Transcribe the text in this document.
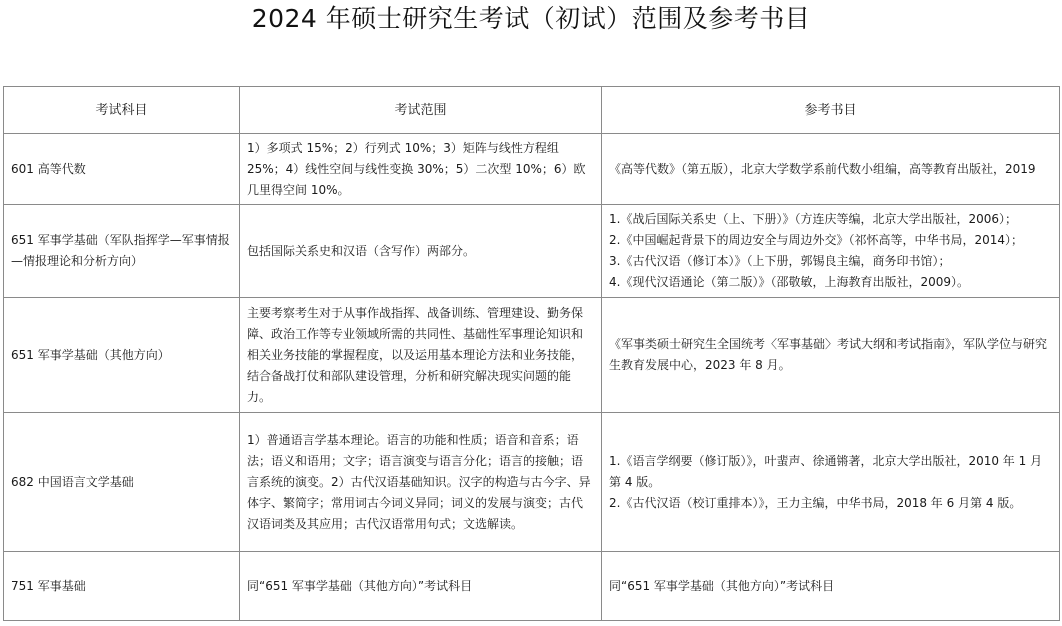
2024 年硕士研究生考试（初试）范围及参考书目
考试科目	考试范围	参考书目

601 高等代数	1）多项式 15%；2）行列式 10%；3）矩阵与线性方程组 25%；4）线性空间与线性变换 30%；5）二次型 10%；6）欧几里得空间 10%。	《高等代数》（第五版），北京大学数学系前代数小组编，高等教育出版社，2019

651 军事学基础（军队指挥学—军事情报—情报理论和分析方向）	包括国际关系史和汉语（含写作）两部分。	1.《战后国际关系史（上、下册）》（方连庆等编，北京大学出版社，2006）；
2.《中国崛起背景下的周边安全与周边外交》（祁怀高等，中华书局，2014）；
3.《古代汉语（修订本）》（上下册，郭锡良主编，商务印书馆）；
4.《现代汉语通论（第二版）》（邵敬敏，上海教育出版社，2009）。

651 军事学基础（其他方向）	主要考察考生对于从事作战指挥、战备训练、管理建设、勤务保障、政治工作等专业领域所需的共同性、基础性军事理论知识和相关业务技能的掌握程度，以及运用基本理论方法和业务技能，结合备战打仗和部队建设管理，分析和研究解决现实问题的能力。	《军事类硕士研究生全国统考〈军事基础〉考试大纲和考试指南》，军队学位与研究生教育发展中心，2023 年 8 月。

682 中国语言文学基础	1）普通语言学基本理论。语言的功能和性质；语音和音系；语法；语义和语用；文字；语言演变与语言分化；语言的接触；语言系统的演变。2）古代汉语基础知识。汉字的构造与古今字、异体字、繁简字；常用词古今词义异同；词义的发展与演变；古代汉语词类及其应用；古代汉语常用句式；文选解读。	1.《语言学纲要（修订版）》，叶蜚声、徐通锵著，北京大学出版社，2010 年 1 月第 4 版。
2.《古代汉语（校订重排本）》，王力主编，中华书局，2018 年 6 月第 4 版。

751 军事基础	同“651 军事学基础（其他方向）”考试科目	同“651 军事学基础（其他方向）”考试科目
